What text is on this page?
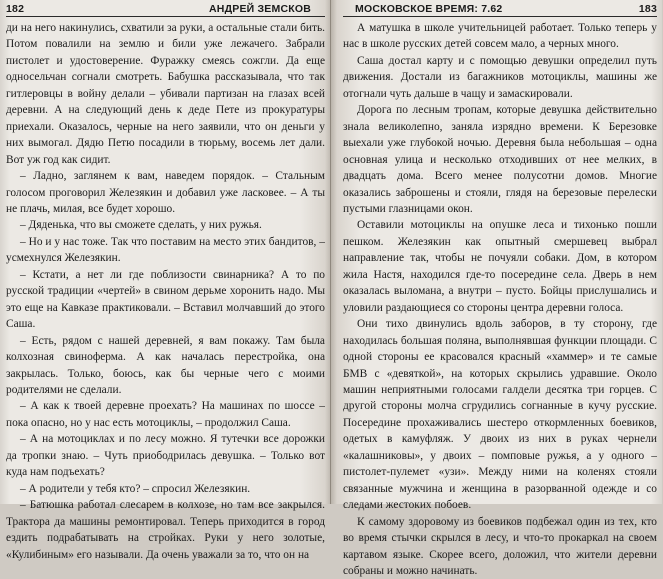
182	АНДРЕЙ ЗЕМСКОВ

ди на него накинулись, схватили за руки, а остальные стали бить. Потом повалили на землю и били уже лежачего. Забрали пистолет и удостоверение. Фуражку смеясь сожгли. Да еще односельчан согнали смотреть. Бабушка рассказывала, что так гитлеровцы в войну делали – убивали партизан на глазах всей деревни. А на следующий день к деде Пете из прокуратуры приехали. Оказалось, черные на него заявили, что он деньги у них вымогал. Дядю Петю посадили в тюрьму, восемь лет дали. Вот уж год как сидит.

– Ладно, заглянем к вам, наведем порядок. – Стальным голосом проговорил Железякин и добавил уже ласковее. – А ты не плачь, милая, все будет хорошо.

– Дяденька, что вы сможете сделать, у них ружья.

– Но и у нас тоже. Так что поставим на место этих бандитов, – усмехнулся Железякин.

– Кстати, а нет ли где поблизости свинарника? А то по русской традиции «чертей» в свином дерьме хоронить надо. Мы это еще на Кавказе практиковали. – Вставил молчавший до этого Саша.

– Есть, рядом с нашей деревней, я вам покажу. Там была колхозная свиноферма. А как началась перестройка, она закрылась. Только, боюсь, как бы черные чего с моими родителями не сделали.

– А как к твоей деревне проехать? На машинах по шоссе – пока опасно, но у нас есть мотоциклы, – продолжил Саша.

– А на мотоциклах и по лесу можно. Я тутечки все дорожки да тропки знаю. – Чуть приободрилась девушка. – Только вот куда нам подъехать?

– А родители у тебя кто? – спросил Железякин.

– Батюшка работал слесарем в колхозе, но там все закрылся. Трактора да машины ремонтировал. Теперь приходится в город ездить подрабатывать на стройках. Руки у него золотые, «Кулибиным» его называли. Да очень уважали за то, что он на

МОСКОВСКОЕ ВРЕМЯ: 7.62	183

А матушка в школе учительницей работает. Только теперь у нас в школе русских детей совсем мало, а черных много.

Саша достал карту и с помощью девушки определил путь движения. Достали из багажников мотоциклы, машины же отогнали чуть дальше в чащу и замаскировали.

Дорога по лесным тропам, которые девушка действительно знала великолепно, заняла изрядно времени. К Березовке выехали уже глубокой ночью. Деревня была небольшая – одна основная улица и несколько отходивших от нее мелких, в двадцать дома. Всего менее полусотни домов. Многие оказались заброшены и стояли, глядя на березовые перелески пустыми глазницами окон.

Оставили мотоциклы на опушке леса и тихонько пошли пешком. Железякин как опытный смершевец выбрал направление так, чтобы не почуяли собаки. Дом, в котором жила Настя, находился где-то посередине села. Дверь в нем оказалась выломана, а внутри – пусто. Бойцы прислушались и уловили раздающиеся со стороны центра деревни голоса.

Они тихо двинулись вдоль заборов, в ту сторону, где находилась большая поляна, выполнявшая функции площади. С одной стороны ее красовался красный «хаммер» и те самые БМВ с «девяткой», на которых скрылись удравшие. Около машин неприятными голосами галдели десятка три горцев. С другой стороны молча сгрудились согнанные в кучу русские. Посередине прохаживались шестеро откормленных боевиков, одетых в камуфляж. У двоих из них в руках чернели «калашниковы», у двоих – помповые ружья, а у одного – пистолет-пулемет «узи». Между ними на коленях стояли связанные мужчина и женщина в разорванной одежде и со следами жестоких побоев.

К самому здоровому из боевиков подбежал один из тех, кто во время стычки скрылся в лесу, и что-то прокаркал на своем картавом языке. Скорее всего, доложил, что жители деревни собраны и можно начинать.
